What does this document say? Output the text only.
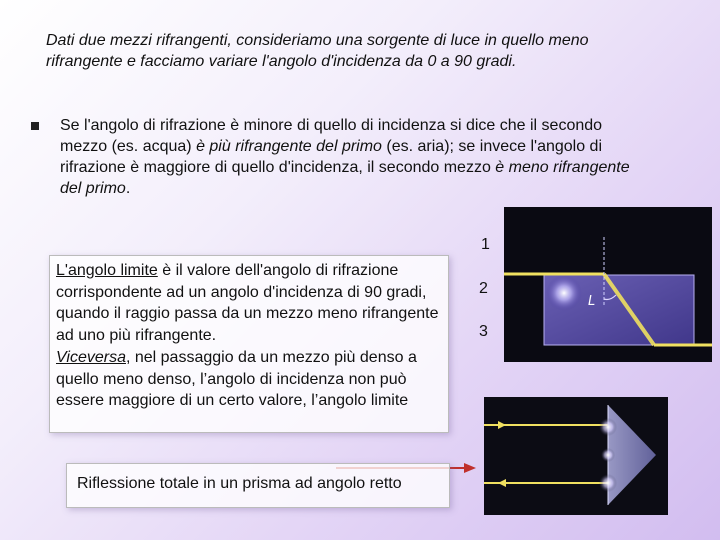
Dati due mezzi rifrangenti, consideriamo una sorgente di luce in quello meno rifrangente e facciamo variare l'angolo d'incidenza da 0 a 90 gradi.
Se l'angolo di rifrazione è minore di quello di incidenza si dice che il secondo mezzo (es. acqua) è più rifrangente del primo (es. aria); se invece l'angolo di rifrazione è maggiore di quello d'incidenza, il secondo mezzo è meno rifrangente del primo.
L'angolo limite è il valore dell'angolo di rifrazione corrispondente ad un angolo d'incidenza di 90 gradi, quando il raggio passa da un mezzo meno rifrangente ad uno più rifrangente.
Viceversa, nel passaggio da un mezzo più denso a quello meno denso, l’angolo di incidenza non può essere maggiore di un certo valore, l’angolo limite
1
2
3
L
Riflessione totale in un prisma ad angolo retto
